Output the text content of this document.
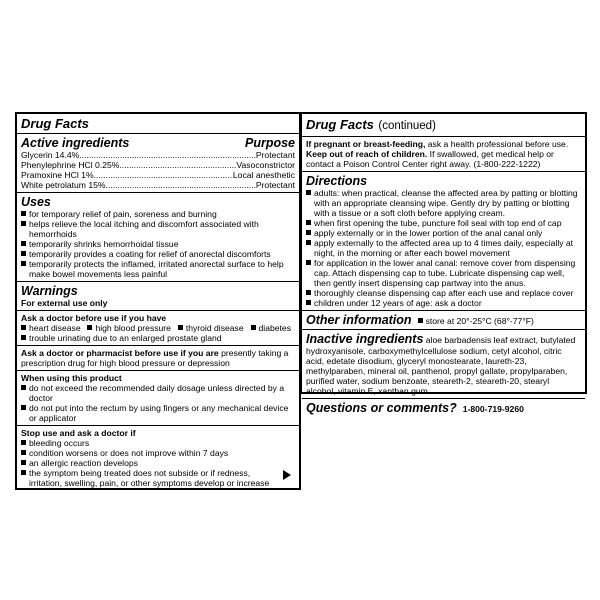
Drug Facts
Active ingredients	Purpose
Glycerin 14.4% .....	Protectant
Phenylephrine HCl 0.25% .....	Vasoconstrictor
Pramoxine HCl 1% .....	Local anesthetic
White petrolatum 15% .....	Protectant
Uses
for temporary relief of pain, soreness and burning
helps relieve the local itching and discomfort associated with hemorrhoids
temporarily shrinks hemorrhoidal tissue
temporarily provides a coating for relief of anorectal discomforts
temporarily protects the inflamed, irritated anorectal surface to help make bowel movements less painful
Warnings
For external use only
Ask a doctor before use if you have
heart disease	high blood pressure	thyroid disease	diabetes
trouble urinating due to an enlarged prostate gland
Ask a doctor or pharmacist before use if you are presently taking a prescription drug for high blood pressure or depression
When using this product
do not exceed the recommended daily dosage unless directed by a doctor
do not put into the rectum by using fingers or any mechanical device or applicator
Stop use and ask a doctor if
bleeding occurs
condition worsens or does not improve within 7 days
an allergic reaction develops
the symptom being treated does not subside or if redness, irritation, swelling, pain, or other symptoms develop or increase
Drug Facts (continued)
If pregnant or breast-feeding, ask a health professional before use.
Keep out of reach of children. If swallowed, get medical help or contact a Poison Control Center right away. (1-800-222-1222)
Directions
adults: when practical, cleanse the affected area by patting or blotting with an appropriate cleansing wipe. Gently dry by patting or blotting with a tissue or a soft cloth before applying cream.
when first opening the tube, puncture foil seal with top end of cap
apply externally or in the lower portion of the anal canal only
apply externally to the affected area up to 4 times daily, especially at night, in the morning or after each bowel movement
for application in the lower anal canal: remove cover from dispensing cap. Attach dispensing cap to tube. Lubricate dispensing cap well, then gently insert dispensing cap partway into the anus.
thoroughly cleanse dispensing cap after each use and replace cover
children under 12 years of age: ask a doctor
Other information	store at 20°-25°C (68°-77°F)
Inactive ingredients aloe barbadensis leaf extract, butylated hydroxyanisole, carboxymethylcellulose sodium, cetyl alcohol, citric acid, edetate disodium, glyceryl monostearate, laureth-23, methylparaben, mineral oil, panthenol, propyl gallate, propylparaben, purified water, sodium benzoate, steareth-2, steareth-20, stearyl alcohol, vitamin E, xanthan gum
Questions or comments? 1-800-719-9260
